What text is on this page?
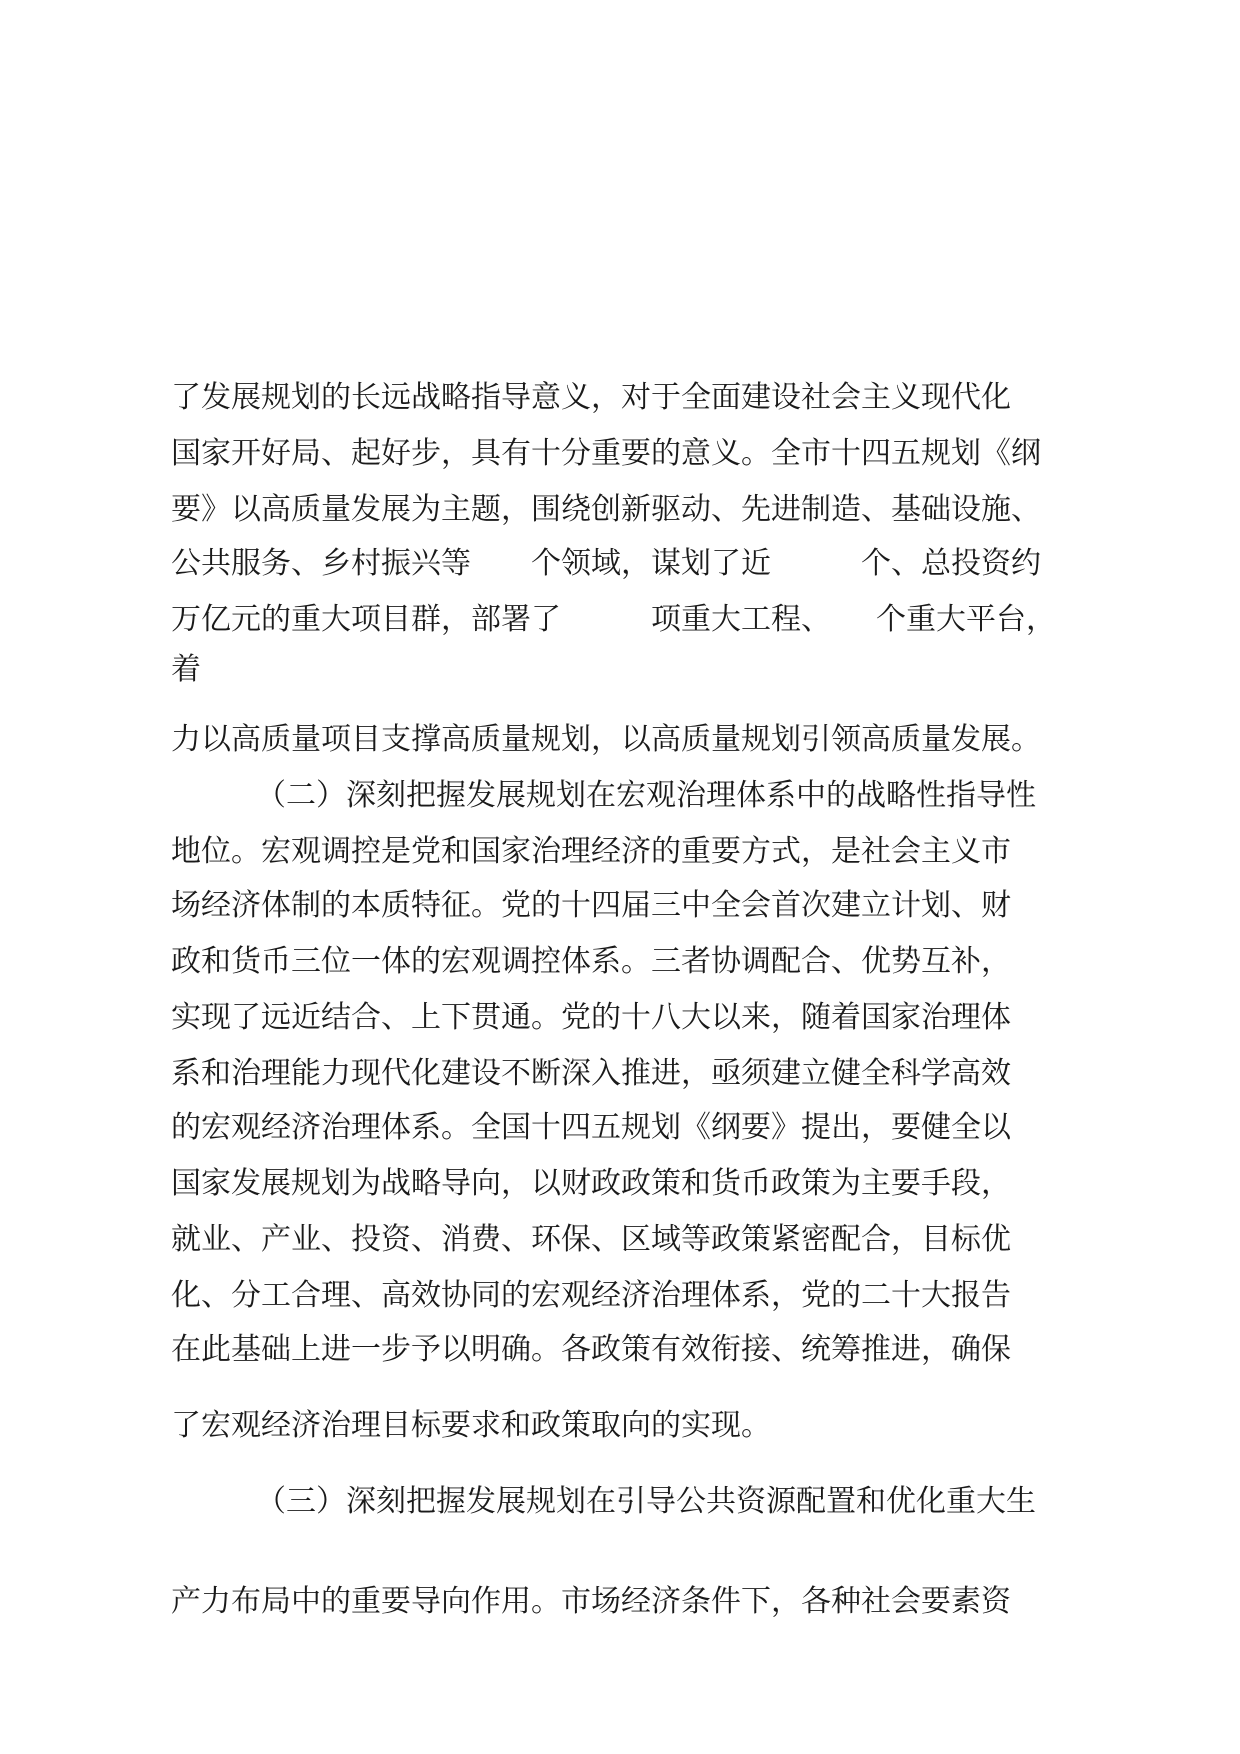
了发展规划的长远战略指导意义，对于全面建设社会主义现代化

国家开好局、起好步，具有十分重要的意义。全市十四五规划《纲

要》以高质量发展为主题，围绕创新驱动、先进制造、基础设施、

公共服务、乡村振兴等　　个领域，谋划了近　　　个、总投资约

万亿元的重大项目群，部署了　　　项重大工程、　　个重大平台，

着

力以高质量项目支撑高质量规划，以高质量规划引领高质量发展。

（二）深刻把握发展规划在宏观治理体系中的战略性指导性

地位。宏观调控是党和国家治理经济的重要方式，是社会主义市

场经济体制的本质特征。党的十四届三中全会首次建立计划、财

政和货币三位一体的宏观调控体系。三者协调配合、优势互补，

实现了远近结合、上下贯通。党的十八大以来，随着国家治理体

系和治理能力现代化建设不断深入推进，亟须建立健全科学高效

的宏观经济治理体系。全国十四五规划《纲要》提出，要健全以

国家发展规划为战略导向，以财政政策和货币政策为主要手段，

就业、产业、投资、消费、环保、区域等政策紧密配合，目标优

化、分工合理、高效协同的宏观经济治理体系，党的二十大报告

在此基础上进一步予以明确。各政策有效衔接、统筹推进，确保

了宏观经济治理目标要求和政策取向的实现。

（三）深刻把握发展规划在引导公共资源配置和优化重大生

产力布局中的重要导向作用。市场经济条件下，各种社会要素资
